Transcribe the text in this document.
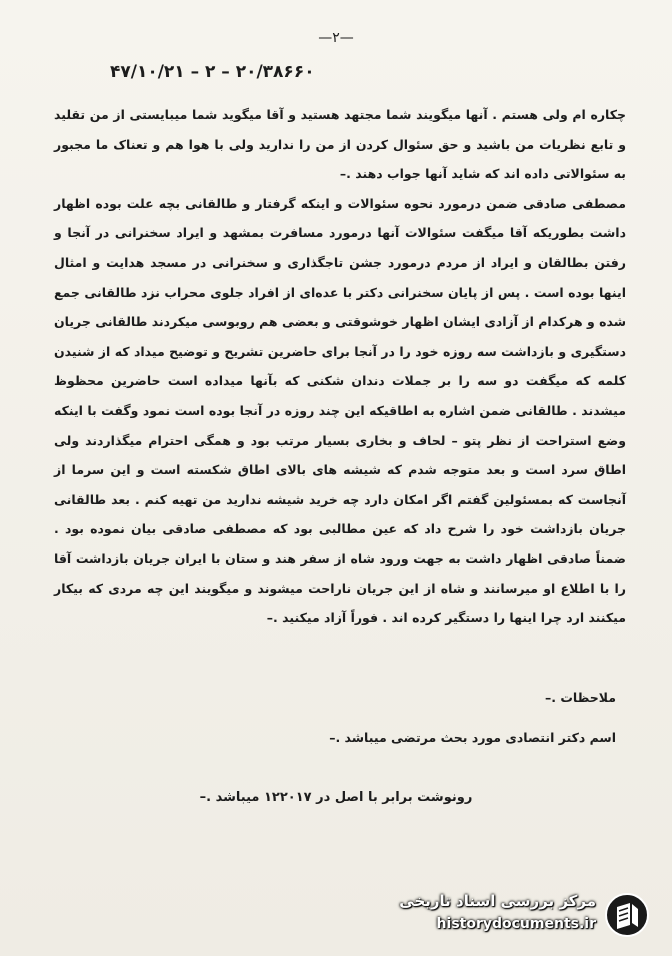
—۲—
۴۷/۱۰/۲۱ – ۲ – ۲۰/۳۸۶۶۰

چکاره ام ولی هستم . آنها میگویند شما مجتهد هستید و آقا میگوید شما میبایستی از من تقلید و تابع نظریات من باشید و حق سئوال کردن از من را ندارید ولی با هوا هم و تعناک ما مجبور به سئوالاتی داده اند که شاید آنها جواب دهند .–

مصطفی صادقی ضمن درمورد نحوه سئوالات و اینکه گرفتار و طالقانی بچه علت بوده اظهار داشت بطوریکه آقا میگفت سئوالات آنها درمورد مسافرت بمشهد و ایراد سخنرانی در آنجا و رفتن بطالقان و ایراد از مردم درمورد جشن تاجگذاری و سخنرانی در مسجد هدایت و امثال اینها بوده است . پس از پایان سخنرانی دکتر با عده‌ای از افراد جلوی محراب نزد طالقانی جمع شده و هرکدام از آزادی ایشان اظهار خوشوقتی و بعضی هم روبوسی میکردند طالقانی جریان دستگیری و بازداشت سه روزه خود را در آنجا برای حاضرین تشریح و توضیح میداد که از شنیدن کلمه که میگفت دو سه را بر جملات دندان شکنی که بآنها میداده است حاضرین محظوظ میشدند . طالقانی ضمن اشاره به اطاقیکه این چند روزه در آنجا بوده است نمود وگفت با اینکه وضع استراحت از نظر پتو – لحاف و بخاری بسیار مرتب بود و همگی احترام میگذاردند ولی اطاق سرد است و بعد متوجه شدم که شیشه های بالای اطاق شکسته است و این سرما از آنجاست که بمسئولین گفتم اگر امکان دارد چه خرید شیشه ندارید من تهیه کنم . بعد طالقانی جریان بازداشت خود را شرح داد که عین مطالبی بود که مصطفی صادقی بیان نموده بود . ضمناً صادقی اظهار داشت به جهت ورود شاه از سفر هند و ستان با ایران جریان بازداشت آقا را با اطلاع او میرسانند و شاه از این جریان ناراحت میشوند و میگویند این چه مردی که بیکار میکنند ارد چرا اینها را دستگیر کرده اند . فوراً آزاد میکنید .–

ملاحظات .–
اسم دکتر انتصادی مورد بحث مرتضی میباشد .–
رونوشت برابر با اصل در ۱۲۲۰۱۷ میباشد .–
مرکز بررسی اسناد تاریخی
historydocuments.ir
